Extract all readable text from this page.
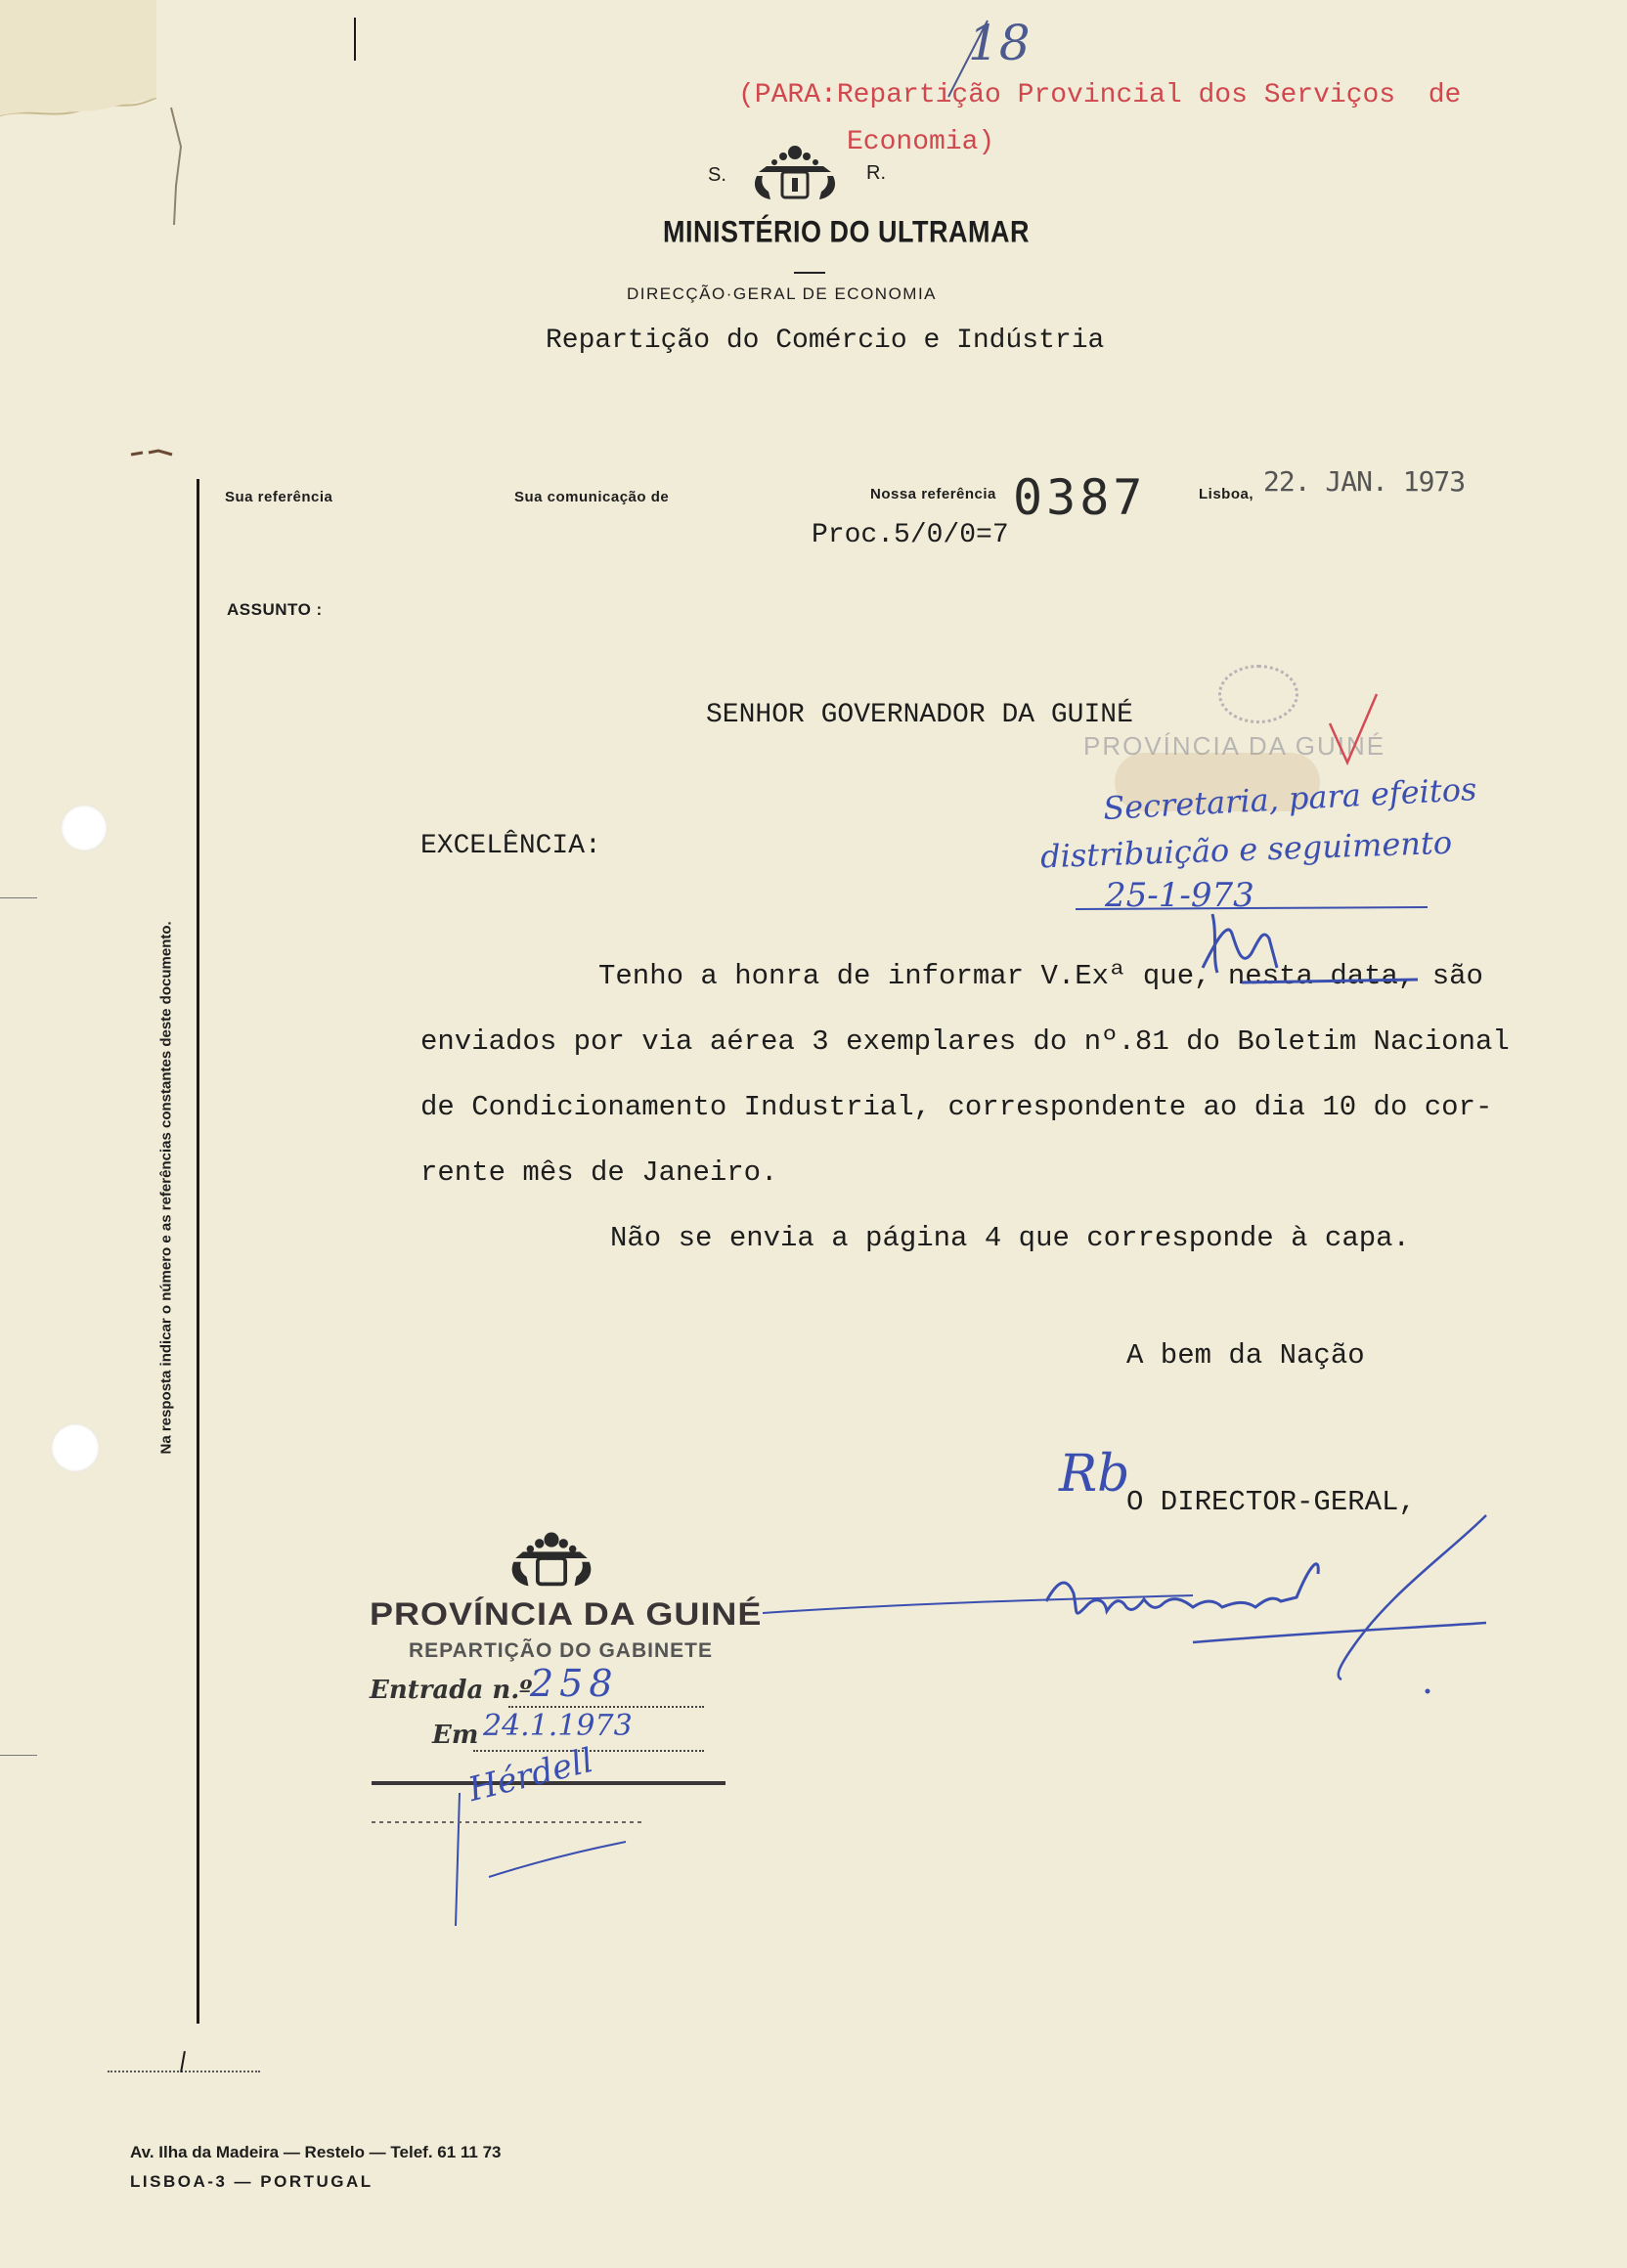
18
(PARA:Repartição Provincial dos Serviços  de
Economia)
S.	R.
MINISTÉRIO DO ULTRAMAR
DIRECÇÃO·GERAL DE ECONOMIA
Repartição do Comércio e Indústria
Na resposta indicar o número e as referências constantes deste documento.
Sua referência	Sua comunicação de	Nossa referência 0387	Lisboa, 22. JAN. 1973
Proc.5/0/0=7
ASSUNTO :
PROVÍNCIA DA GUINÉ
SENHOR GOVERNADOR DA GUINÉ
EXCELÊNCIA:
Tenho a honra de informar V.Exª que, nesta data, são
enviados por via aérea 3 exemplares do nº.81 do Boletim Nacional
de Condicionamento Industrial, correspondente ao dia 10 do cor-
rente mês de Janeiro.
Não se envia a página 4 que corresponde à capa.
A bem da Nação
O DIRECTOR-GERAL,
Secretaria, para efeitos
distribuição e seguimento
25-1-973
Rb
PROVÍNCIA DA GUINÉ
REPARTIÇÃO DO GABINETE
Entrada n.º
258
Em 24.1.1973
Hérdell
Av. Ilha da Madeira — Restelo — Telef. 61 11 73
LISBOA-3 — PORTUGAL
